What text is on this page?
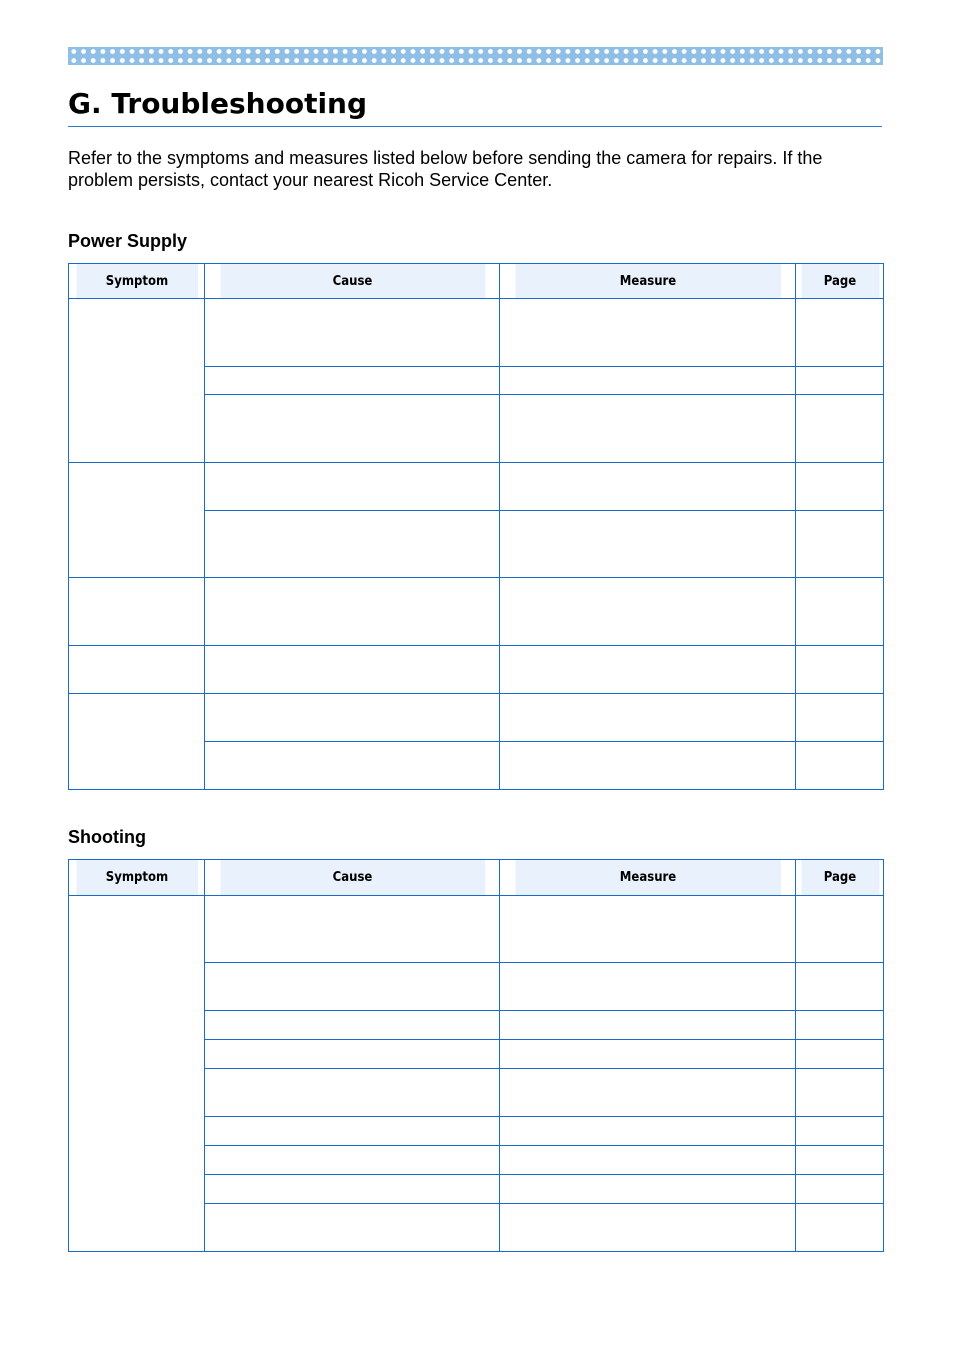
G. Troubleshooting

Refer to the symptoms and measures listed below before sending the camera for repairs. If the problem persists, contact your nearest Ricoh Service Center.

Power Supply
Symptom	Cause	Measure	Page

Shooting
Symptom	Cause	Measure	Page
